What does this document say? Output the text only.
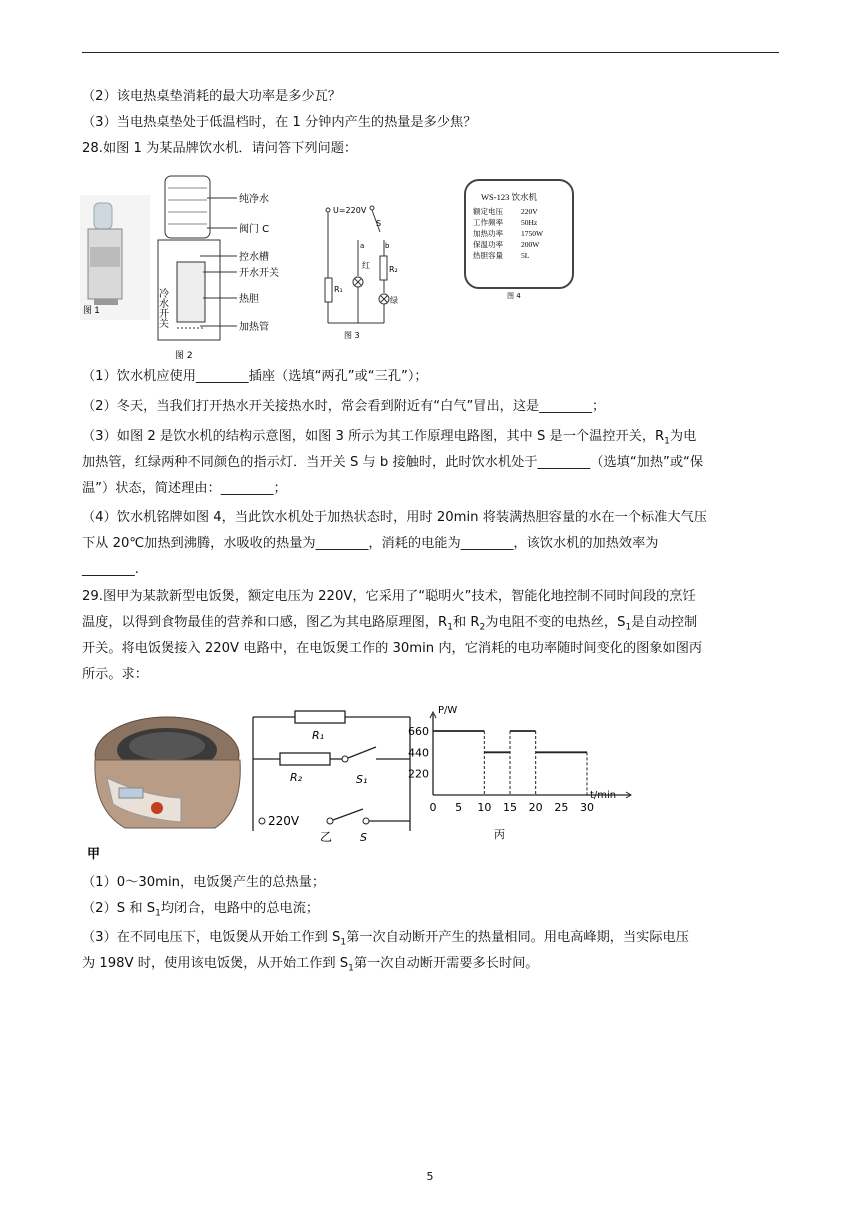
（2）该电热桌垫消耗的最大功率是多少瓦？
（3）当电热桌垫处于低温档时，在 1 分钟内产生的热量是多少焦？
28.如图 1 为某品牌饮水机．请问答下列问题：
图 1
纯净水
阀门 C
控水槽
开水开关
热胆
加热管
冷水开关
图 2
U=220V
S
a	b
R₁
R₂
红
绿
图 3
WS-123 饮水机
额定电压 220V
工作频率 50Hz
加热功率 1750W
保温功率 200W
热胆容量 5L
图 4
（1）饮水机应使用________插座（选填“两孔”或“三孔”）；
（2）冬天，当我们打开热水开关接热水时，常会看到附近有“白气”冒出，这是________；
（3）如图 2 是饮水机的结构示意图，如图 3 所示为其工作原理电路图，其中 S 是一个温控开关，$R_1$为电
加热管，红绿两种不同颜色的指示灯．当开关 S 与 b 接触时，此时饮水机处于________（选填“加热”或“保
温”）状态，简述理由：________；
（4）饮水机铭牌如图 4，当此饮水机处于加热状态时，用时 20min 将装满热胆容量的水在一个标准大气压
下从 20℃加热到沸腾，水吸收的热量为________，消耗的电能为________，该饮水机的加热效率为
________.
29.图甲为某款新型电饭煲，额定电压为 220V，它采用了“聪明火”技术，智能化地控制不同时间段的烹饪
温度，以得到食物最佳的营养和口感，图乙为其电路原理图，$R_1$和 $R_2$为电阻不变的电热丝，$S_1$是自动控制
开关。将电饭煲接入 220V 电路中，在电饭煲工作的 30min 内，它消耗的电功率随时间变化的图象如图丙
所示。求：
甲
R₁
R₂	S₁
220V
S
乙
P/W
t/min
丙
0 5 10 15 20 25 30
220
440
660
（1）0～30min，电饭煲产生的总热量；
（2）S 和 $S_1$均闭合，电路中的总电流；
（3）在不同电压下，电饭煲从开始工作到 $S_1$第一次自动断开产生的热量相同。用电高峰期，当实际电压
为 198V 时，使用该电饭煲，从开始工作到 $S_1$第一次自动断开需要多长时间。
5
